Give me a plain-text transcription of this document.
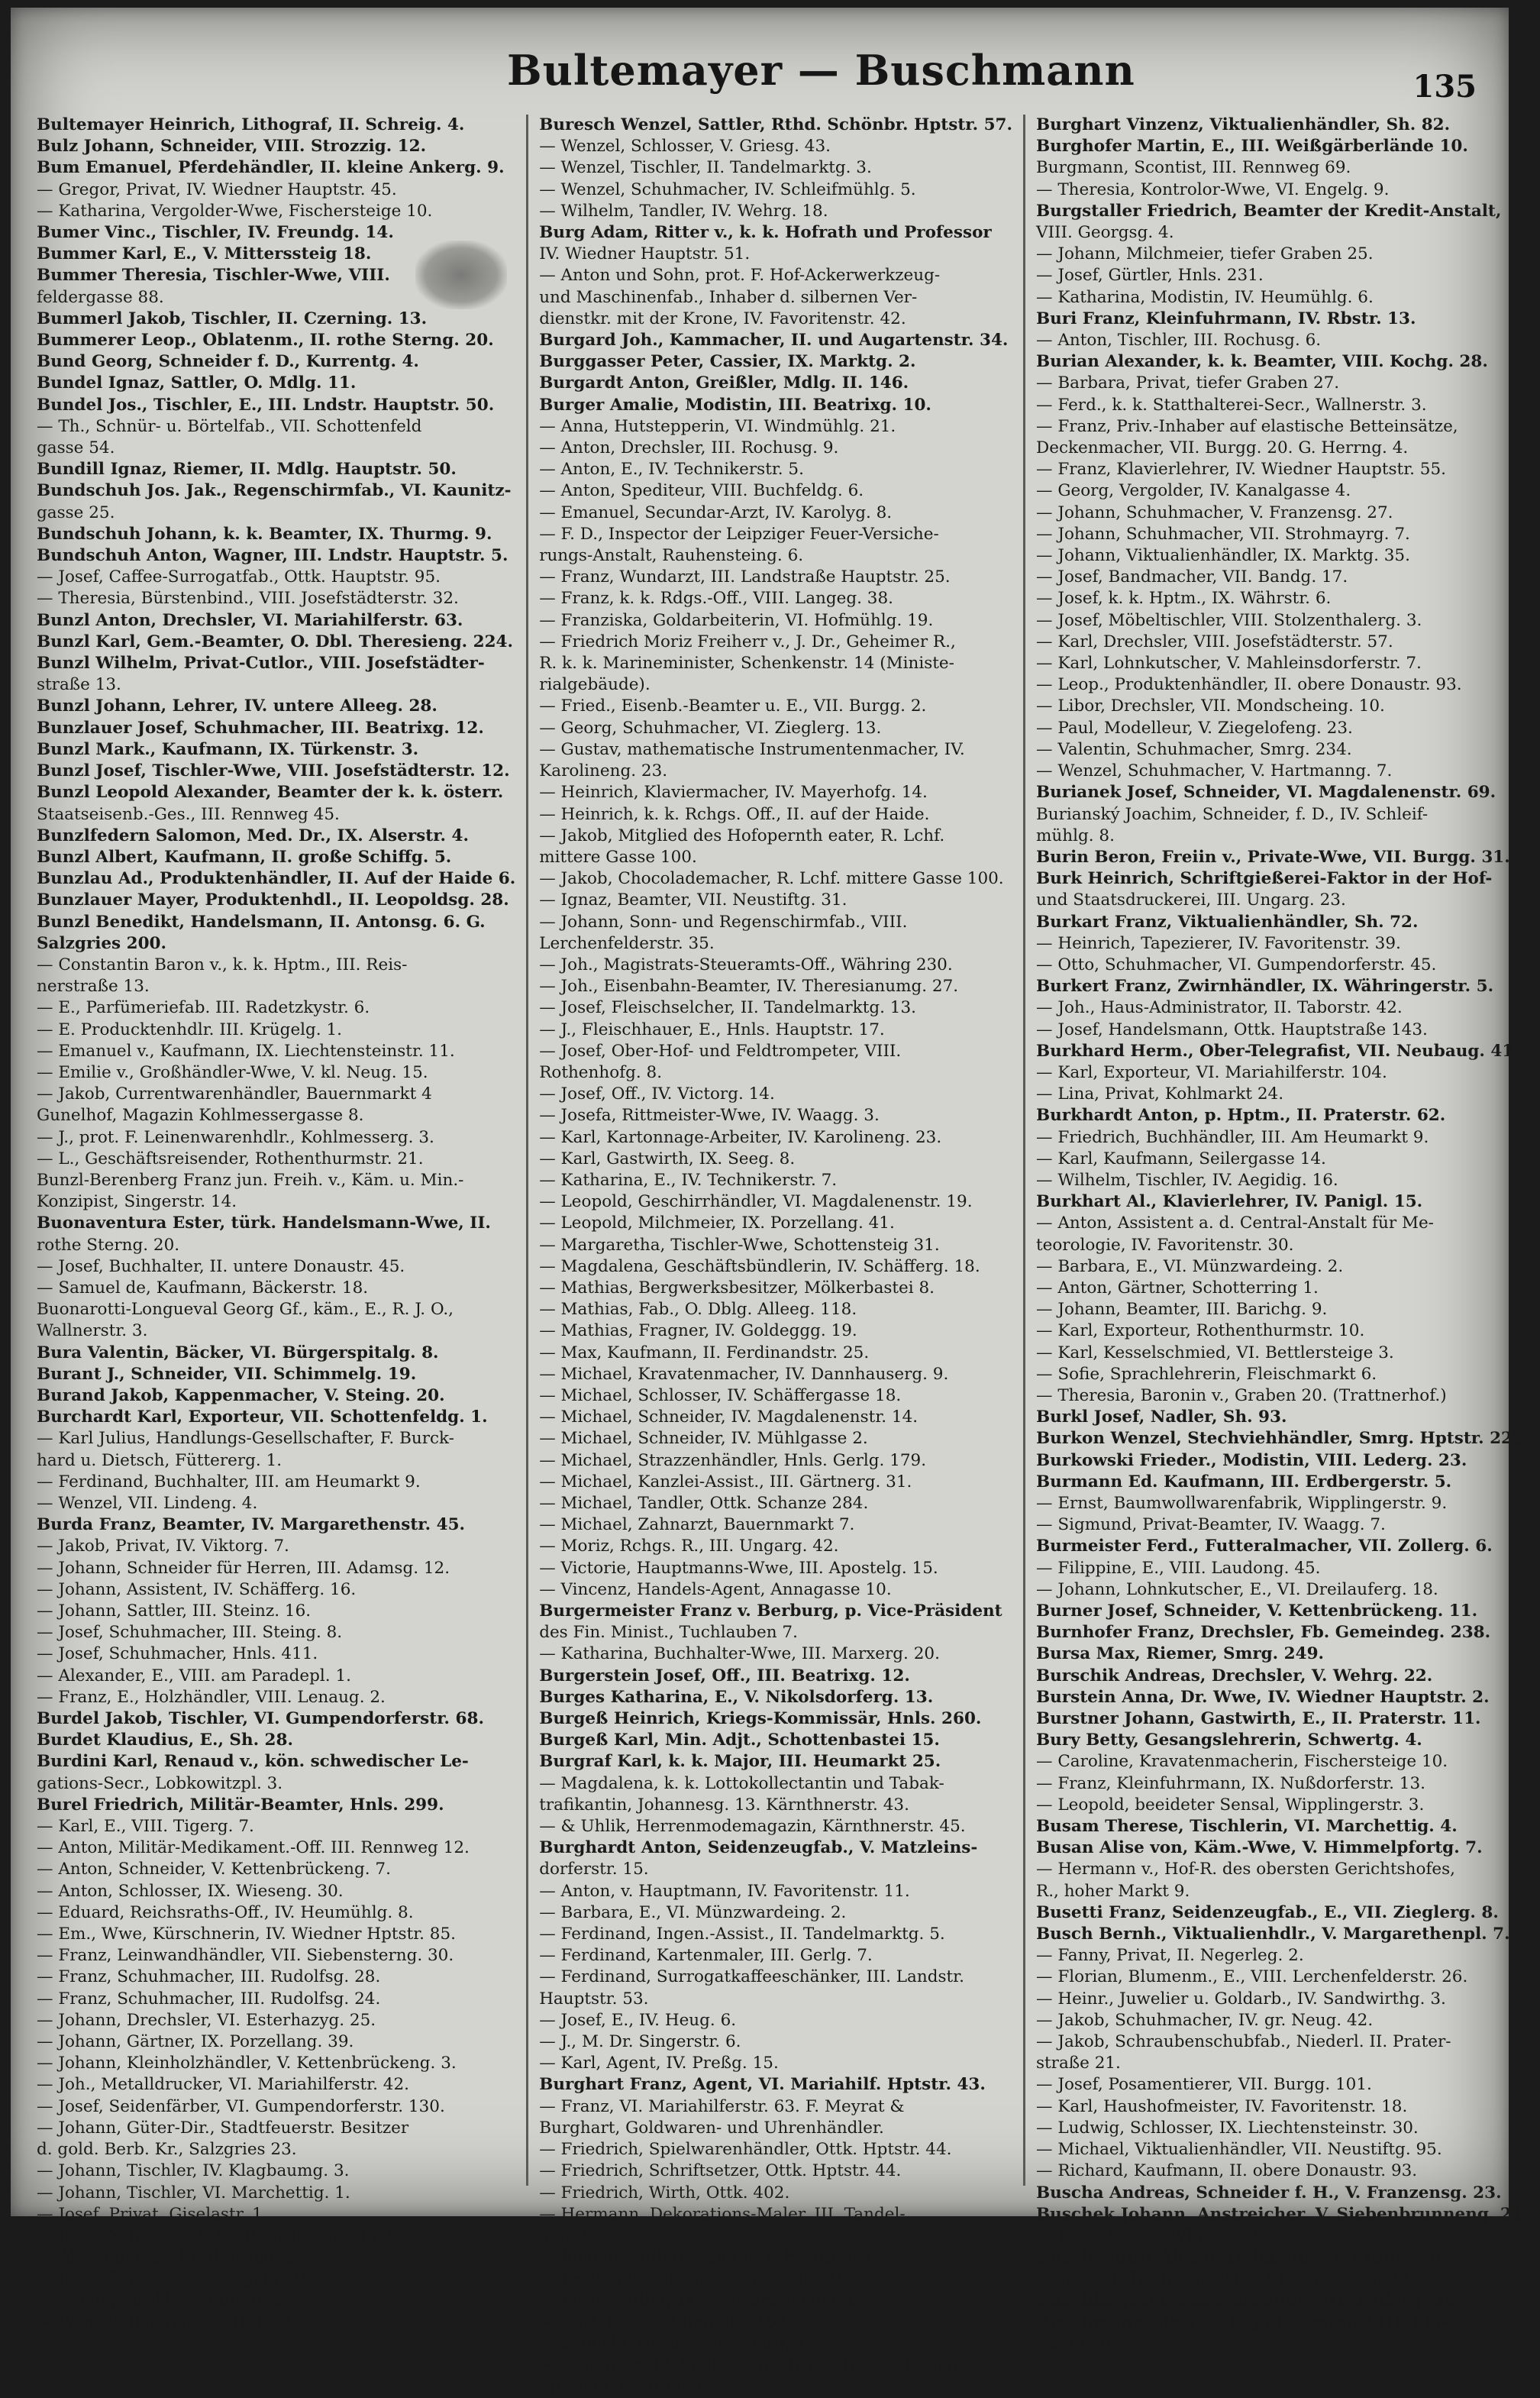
Bultemayer — Buschmann	135
Bultemayer Heinrich, Lithograf, II. Schreig. 4.
Bulz Johann, Schneider, VIII. Strozzig. 12.
Bum Emanuel, Pferdehändler, II. kleine Ankerg. 9.
— Gregor, Privat, IV. Wiedner Hauptstr. 45.
— Katharina, Vergolder-Wwe, Fischersteige 10.
Bumer Vinc., Tischler, IV. Freundg. 14.
Bummer Karl, E., V. Mitterssteig 18.
Bummer Theresia, Tischler-Wwe, VIII.
feldergasse 88.
Bummerl Jakob, Tischler, II. Czerning. 13.
Bummerer Leop., Oblatenm., II. rothe Sterng. 20.
Bund Georg, Schneider f. D., Kurrentg. 4.
Bundel Ignaz, Sattler, O. Mdlg. 11.
Bundel Jos., Tischler, E., III. Lndstr. Hauptstr. 50.
— Th., Schnür- u. Börtelfab., VII. Schottenfeld
gasse 54.
Bundill Ignaz, Riemer, II. Mdlg. Hauptstr. 50.
Bundschuh Jos. Jak., Regenschirmfab., VI. Kaunitz-
gasse 25.
Bundschuh Johann, k. k. Beamter, IX. Thurmg. 9.
Bundschuh Anton, Wagner, III. Lndstr. Hauptstr. 5.
— Josef, Caffee-Surrogatfab., Ottk. Hauptstr. 95.
— Theresia, Bürstenbind., VIII. Josefstädterstr. 32.
Bunzl Anton, Drechsler, VI. Mariahilferstr. 63.
Bunzl Karl, Gem.-Beamter, O. Dbl. Theresieng. 224.
Bunzl Wilhelm, Privat-Cutlor., VIII. Josefstädter-
straße 13.
Bunzl Johann, Lehrer, IV. untere Alleeg. 28.
Bunzlauer Josef, Schuhmacher, III. Beatrixg. 12.
Bunzl Mark., Kaufmann, IX. Türkenstr. 3.
Bunzl Josef, Tischler-Wwe, VIII. Josefstädterstr. 12.
Bunzl Leopold Alexander, Beamter der k. k. österr.
Staatseisenb.-Ges., III. Rennweg 45.
Bunzlfedern Salomon, Med. Dr., IX. Alserstr. 4.
Bunzl Albert, Kaufmann, II. große Schiffg. 5.
Bunzlau Ad., Produktenhändler, II. Auf der Haide 6.
Bunzlauer Mayer, Produktenhdl., II. Leopoldsg. 28.
Bunzl Benedikt, Handelsmann, II. Antonsg. 6. G.
Salzgries 200.
— Constantin Baron v., k. k. Hptm., III. Reis-
nerstraße 13.
— E., Parfümeriefab. III. Radetzkystr. 6.
— E. Producktenhdlr. III. Krügelg. 1.
— Emanuel v., Kaufmann, IX. Liechtensteinstr. 11.
— Emilie v., Großhändler-Wwe, V. kl. Neug. 15.
— Jakob, Currentwarenhändler, Bauernmarkt 4
Gunelhof, Magazin Kohlmessergasse 8.
— J., prot. F. Leinenwarenhdlr., Kohlmesserg. 3.
— L., Geschäftsreisender, Rothenthurmstr. 21.
Bunzl-Berenberg Franz jun. Freih. v., Käm. u. Min.-
Konzipist, Singerstr. 14.
Buonaventura Ester, türk. Handelsmann-Wwe, II.
rothe Sterng. 20.
— Josef, Buchhalter, II. untere Donaustr. 45.
— Samuel de, Kaufmann, Bäckerstr. 18.
Buonarotti-Longueval Georg Gf., käm., E., R. J. O.,
Wallnerstr. 3.
Bura Valentin, Bäcker, VI. Bürgerspitalg. 8.
Burant J., Schneider, VII. Schimmelg. 19.
Burand Jakob, Kappenmacher, V. Steing. 20.
Burchardt Karl, Exporteur, VII. Schottenfeldg. 1.
— Karl Julius, Handlungs-Gesellschafter, F. Burck-
hard u. Dietsch, Füttererg. 1.
— Ferdinand, Buchhalter, III. am Heumarkt 9.
— Wenzel, VII. Lindeng. 4.
Burda Franz, Beamter, IV. Margarethenstr. 45.
— Jakob, Privat, IV. Viktorg. 7.
— Johann, Schneider für Herren, III. Adamsg. 12.
— Johann, Assistent, IV. Schäfferg. 16.
— Johann, Sattler, III. Steinz. 16.
— Josef, Schuhmacher, III. Steing. 8.
— Josef, Schuhmacher, Hnls. 411.
— Alexander, E., VIII. am Paradepl. 1.
— Franz, E., Holzhändler, VIII. Lenaug. 2.
Burdel Jakob, Tischler, VI. Gumpendorferstr. 68.
Burdet Klaudius, E., Sh. 28.
Burdini Karl, Renaud v., kön. schwedischer Le-
gations-Secr., Lobkowitzpl. 3.
Burel Friedrich, Militär-Beamter, Hnls. 299.
— Karl, E., VIII. Tigerg. 7.
— Anton, Militär-Medikament.-Off. III. Rennweg 12.
— Anton, Schneider, V. Kettenbrückeng. 7.
— Anton, Schlosser, IX. Wieseng. 30.
— Eduard, Reichsraths-Off., IV. Heumühlg. 8.
— Em., Wwe, Kürschnerin, IV. Wiedner Hptstr. 85.
— Franz, Leinwandhändler, VII. Siebensterng. 30.
— Franz, Schuhmacher, III. Rudolfsg. 28.
— Franz, Schuhmacher, III. Rudolfsg. 24.
— Johann, Drechsler, VI. Esterhazyg. 25.
— Johann, Gärtner, IX. Porzellang. 39.
— Johann, Kleinholzhändler, V. Kettenbrückeng. 3.
— Joh., Metalldrucker, VI. Mariahilferstr. 42.
— Josef, Seidenfärber, VI. Gumpendorferstr. 130.
— Johann, Güter-Dir., Stadtfeuerstr. Besitzer
d. gold. Berb. Kr., Salzgries 23.
— Johann, Tischler, IV. Klagbaumg. 3.
— Johann, Tischler, VI. Marchettig. 1.
— Josef, Privat, Giselastr. 1.
— Josef, Schneider f. H., II. große Sperlg. 8.
— Alexander, E., Rthd. Neug. 29.
— Josef, Tapezierer, Spiegelg. 21.
— Simon, Tischler, Mdlg. II. 273.
— Wenzel, Baumeister, Hnls. 25.
Buresch Wenzel, Sattler, Rthd. Schönbr. Hptstr. 57.
— Wenzel, Schlosser, V. Griesg. 43.
— Wenzel, Tischler, II. Tandelmarktg. 3.
— Wenzel, Schuhmacher, IV. Schleifmühlg. 5.
— Wilhelm, Tandler, IV. Wehrg. 18.
Burg Adam, Ritter v., k. k. Hofrath und Professor
IV. Wiedner Hauptstr. 51.
— Anton und Sohn, prot. F. Hof-Ackerwerkzeug-
und Maschinenfab., Inhaber d. silbernen Ver-
dienstkr. mit der Krone, IV. Favoritenstr. 42.
Burgard Joh., Kammacher, II. und Augartenstr. 34.
Burggasser Peter, Cassier, IX. Marktg. 2.
Burgardt Anton, Greißler, Mdlg. II. 146.
Burger Amalie, Modistin, III. Beatrixg. 10.
— Anna, Hutstepperin, VI. Windmühlg. 21.
— Anton, Drechsler, III. Rochusg. 9.
— Anton, E., IV. Technikerstr. 5.
— Anton, Spediteur, VIII. Buchfeldg. 6.
— Emanuel, Secundar-Arzt, IV. Karolyg. 8.
— F. D., Inspector der Leipziger Feuer-Versiche-
rungs-Anstalt, Rauhensteing. 6.
— Franz, Wundarzt, III. Landstraße Hauptstr. 25.
— Franz, k. k. Rdgs.-Off., VIII. Langeg. 38.
— Franziska, Goldarbeiterin, VI. Hofmühlg. 19.
— Friedrich Moriz Freiherr v., J. Dr., Geheimer R.,
R. k. k. Marineminister, Schenkenstr. 14 (Ministe-
rialgebäude).
— Fried., Eisenb.-Beamter u. E., VII. Burgg. 2.
— Georg, Schuhmacher, VI. Zieglerg. 13.
— Gustav, mathematische Instrumentenmacher, IV.
Karolineng. 23.
— Heinrich, Klaviermacher, IV. Mayerhofg. 14.
— Heinrich, k. k. Rchgs. Off., II. auf der Haide.
— Jakob, Mitglied des Hofopernth eater, R. Lchf.
mittere Gasse 100.
— Jakob, Chocolademacher, R. Lchf. mittere Gasse 100.
— Ignaz, Beamter, VII. Neustiftg. 31.
— Johann, Sonn- und Regenschirmfab., VIII.
Lerchenfelderstr. 35.
— Joh., Magistrats-Steueramts-Off., Währing 230.
— Joh., Eisenbahn-Beamter, IV. Theresianumg. 27.
— Josef, Fleischselcher, II. Tandelmarktg. 13.
— J., Fleischhauer, E., Hnls. Hauptstr. 17.
— Josef, Ober-Hof- und Feldtrompeter, VIII.
Rothenhofg. 8.
— Josef, Off., IV. Victorg. 14.
— Josefa, Rittmeister-Wwe, IV. Waagg. 3.
— Karl, Kartonnage-Arbeiter, IV. Karolineng. 23.
— Karl, Gastwirth, IX. Seeg. 8.
— Katharina, E., IV. Technikerstr. 7.
— Leopold, Geschirrhändler, VI. Magdalenenstr. 19.
— Leopold, Milchmeier, IX. Porzellang. 41.
— Margaretha, Tischler-Wwe, Schottensteig 31.
— Magdalena, Geschäftsbündlerin, IV. Schäfferg. 18.
— Mathias, Bergwerksbesitzer, Mölkerbastei 8.
— Mathias, Fab., O. Dblg. Alleeg. 118.
— Mathias, Fragner, IV. Goldeggg. 19.
— Max, Kaufmann, II. Ferdinandstr. 25.
— Michael, Kravatenmacher, IV. Dannhauserg. 9.
— Michael, Schlosser, IV. Schäffergasse 18.
— Michael, Schneider, IV. Magdalenenstr. 14.
— Michael, Schneider, IV. Mühlgasse 2.
— Michael, Strazzenhändler, Hnls. Gerlg. 179.
— Michael, Kanzlei-Assist., III. Gärtnerg. 31.
— Michael, Tandler, Ottk. Schanze 284.
— Michael, Zahnarzt, Bauernmarkt 7.
— Moriz, Rchgs. R., III. Ungarg. 42.
— Victorie, Hauptmanns-Wwe, III. Apostelg. 15.
— Vincenz, Handels-Agent, Annagasse 10.
Burgermeister Franz v. Berburg, p. Vice-Präsident
des Fin. Minist., Tuchlauben 7.
— Katharina, Buchhalter-Wwe, III. Marxerg. 20.
Burgerstein Josef, Off., III. Beatrixg. 12.
Burges Katharina, E., V. Nikolsdorferg. 13.
Burgeß Heinrich, Kriegs-Kommissär, Hnls. 260.
Burgeß Karl, Min. Adjt., Schottenbastei 15.
Burgraf Karl, k. k. Major, III. Heumarkt 25.
— Magdalena, k. k. Lottokollectantin und Tabak-
trafikantin, Johannesg. 13. Kärnthnerstr. 43.
— & Uhlik, Herrenmodemagazin, Kärnthnerstr. 45.
Burghardt Anton, Seidenzeugfab., V. Matzleins-
dorferstr. 15.
— Anton, v. Hauptmann, IV. Favoritenstr. 11.
— Barbara, E., VI. Münzwardeing. 2.
— Ferdinand, Ingen.-Assist., II. Tandelmarktg. 5.
— Ferdinand, Kartenmaler, III. Gerlg. 7.
— Ferdinand, Surrogatkaffeeschänker, III. Landstr.
Hauptstr. 53.
— Josef, E., IV. Heug. 6.
— J., M. Dr. Singerstr. 6.
— Karl, Agent, IV. Preßg. 15.
Burghart Franz, Agent, VI. Mariahilf. Hptstr. 43.
— Franz, VI. Mariahilferstr. 63. F. Meyrat &
Burghart, Goldwaren- und Uhrenhändler.
— Friedrich, Spielwarenhändler, Ottk. Hptstr. 44.
— Friedrich, Schriftsetzer, Ottk. Hptstr. 44.
— Friedrich, Wirth, Ottk. 402.
— Hermann, Dekorations-Maler, III. Tandel-
marktg. 5.
— Johann, Militärbeamter, V. Franzensg. 23.
— Josef, Seidenhändler, Spiegelg. 21.
— Josef, Sattler, IX. Schwarzspanierstr. 3.
— Karl, E., VI. Hofmühlg. 104.
— Leopold, Gärtner, E., Smrg. 153.
— v. Sumiswald, Sofie, Lehrerin der französischen
Sprache, Kärnthnerstr. 5.
Burghart Vinzenz, Viktualienhändler, Sh. 82.
Burghofer Martin, E., III. Weißgärberlände 10.
Burgmann, Scontist, III. Rennweg 69.
— Theresia, Kontrolor-Wwe, VI. Engelg. 9.
Burgstaller Friedrich, Beamter der Kredit-Anstalt,
VIII. Georgsg. 4.
— Johann, Milchmeier, tiefer Graben 25.
— Josef, Gürtler, Hnls. 231.
— Katharina, Modistin, IV. Heumühlg. 6.
Buri Franz, Kleinfuhrmann, IV. Rbstr. 13.
— Anton, Tischler, III. Rochusg. 6.
Burian Alexander, k. k. Beamter, VIII. Kochg. 28.
— Barbara, Privat, tiefer Graben 27.
— Ferd., k. k. Statthalterei-Secr., Wallnerstr. 3.
— Franz, Priv.-Inhaber auf elastische Betteinsätze,
Deckenmacher, VII. Burgg. 20. G. Herrng. 4.
— Franz, Klavierlehrer, IV. Wiedner Hauptstr. 55.
— Georg, Vergolder, IV. Kanalgasse 4.
— Johann, Schuhmacher, V. Franzensg. 27.
— Johann, Schuhmacher, VII. Strohmayrg. 7.
— Johann, Viktualienhändler, IX. Marktg. 35.
— Josef, Bandmacher, VII. Bandg. 17.
— Josef, k. k. Hptm., IX. Währstr. 6.
— Josef, Möbeltischler, VIII. Stolzenthalerg. 3.
— Karl, Drechsler, VIII. Josefstädterstr. 57.
— Karl, Lohnkutscher, V. Mahleinsdorferstr. 7.
— Leop., Produktenhändler, II. obere Donaustr. 93.
— Libor, Drechsler, VII. Mondscheing. 10.
— Paul, Modelleur, V. Ziegelofeng. 23.
— Valentin, Schuhmacher, Smrg. 234.
— Wenzel, Schuhmacher, V. Hartmanng. 7.
Burianek Josef, Schneider, VI. Magdalenenstr. 69.
Burianský Joachim, Schneider, f. D., IV. Schleif-
mühlg. 8.
Burin Beron, Freiin v., Private-Wwe, VII. Burgg. 31.
Burk Heinrich, Schriftgießerei-Faktor in der Hof-
und Staatsdruckerei, III. Ungarg. 23.
Burkart Franz, Viktualienhändler, Sh. 72.
— Heinrich, Tapezierer, IV. Favoritenstr. 39.
— Otto, Schuhmacher, VI. Gumpendorferstr. 45.
Burkert Franz, Zwirnhändler, IX. Währingerstr. 5.
— Joh., Haus-Administrator, II. Taborstr. 42.
— Josef, Handelsmann, Ottk. Hauptstraße 143.
Burkhard Herm., Ober-Telegrafist, VII. Neubaug. 41.
— Karl, Exporteur, VI. Mariahilferstr. 104.
— Lina, Privat, Kohlmarkt 24.
Burkhardt Anton, p. Hptm., II. Praterstr. 62.
— Friedrich, Buchhändler, III. Am Heumarkt 9.
— Karl, Kaufmann, Seilergasse 14.
— Wilhelm, Tischler, IV. Aegidig. 16.
Burkhart Al., Klavierlehrer, IV. Panigl. 15.
— Anton, Assistent a. d. Central-Anstalt für Me-
teorologie, IV. Favoritenstr. 30.
— Barbara, E., VI. Münzwardeing. 2.
— Anton, Gärtner, Schotterring 1.
— Johann, Beamter, III. Barichg. 9.
— Karl, Exporteur, Rothenthurmstr. 10.
— Karl, Kesselschmied, VI. Bettlersteige 3.
— Sofie, Sprachlehrerin, Fleischmarkt 6.
— Theresia, Baronin v., Graben 20. (Trattnerhof.)
Burkl Josef, Nadler, Sh. 93.
Burkon Wenzel, Stechviehhändler, Smrg. Hptstr. 225.
Burkowski Frieder., Modistin, VIII. Lederg. 23.
Burmann Ed. Kaufmann, III. Erdbergerstr. 5.
— Ernst, Baumwollwarenfabrik, Wipplingerstr. 9.
— Sigmund, Privat-Beamter, IV. Waagg. 7.
Burmeister Ferd., Futteralmacher, VII. Zollerg. 6.
— Filippine, E., VIII. Laudong. 45.
— Johann, Lohnkutscher, E., VI. Dreilauferg. 18.
Burner Josef, Schneider, V. Kettenbrückeng. 11.
Burnhofer Franz, Drechsler, Fb. Gemeindeg. 238.
Bursa Max, Riemer, Smrg. 249.
Burschik Andreas, Drechsler, V. Wehrg. 22.
Burstein Anna, Dr. Wwe, IV. Wiedner Hauptstr. 2.
Burstner Johann, Gastwirth, E., II. Praterstr. 11.
Bury Betty, Gesangslehrerin, Schwertg. 4.
— Caroline, Kravatenmacherin, Fischersteige 10.
— Franz, Kleinfuhrmann, IX. Nußdorferstr. 13.
— Leopold, beeideter Sensal, Wipplingerstr. 3.
Busam Therese, Tischlerin, VI. Marchettig. 4.
Busan Alise von, Käm.-Wwe, V. Himmelpfortg. 7.
— Hermann v., Hof-R. des obersten Gerichtshofes,
R., hoher Markt 9.
Busetti Franz, Seidenzeugfab., E., VII. Zieglerg. 8.
Busch Bernh., Viktualienhdlr., V. Margarethenpl. 7.
— Fanny, Privat, II. Negerleg. 2.
— Florian, Blumenm., E., VIII. Lerchenfelderstr. 26.
— Heinr., Juwelier u. Goldarb., IV. Sandwirthg. 3.
— Jakob, Schuhmacher, IV. gr. Neug. 42.
— Jakob, Schraubenschubfab., Niederl. II. Prater-
straße 21.
— Josef, Posamentierer, VII. Burgg. 101.
— Karl, Haushofmeister, IV. Favoritenstr. 18.
— Ludwig, Schlosser, IX. Liechtensteinstr. 30.
— Michael, Viktualienhändler, VII. Neustiftg. 95.
— Richard, Kaufmann, II. obere Donaustr. 93.
Buscha Andreas, Schneider f. H., V. Franzensg. 23.
Buschek Johann, Anstreicher, V. Siebenbrunneng. 21.
— Josef, Weber, Whrg. 133.
Buschendorf Alosia, Hebamme, V. Frong. 20.
— Wenzel, Tischlermeister, VI. Stumperg. 32.
Buschke Josef, Silberarbeiter, VII. Zollerg. 35.
Buschmann Alois, k. k. p. Beamter, VIII. Flo-
rianig. 48.
